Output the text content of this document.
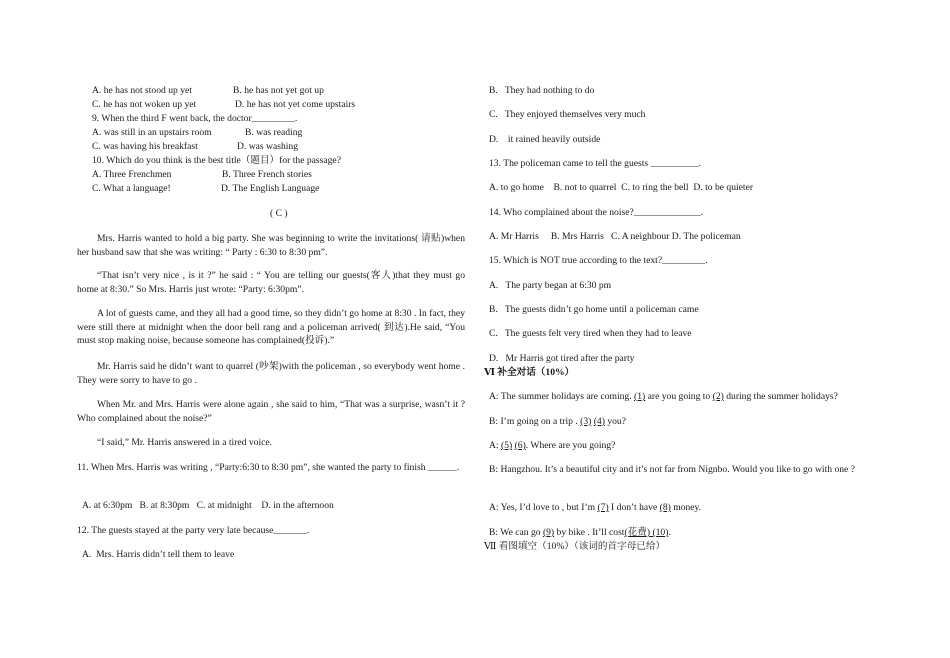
A. he has not stood up yet	B. he has not yet got up
C. he has not woken up yet	D. he has not yet come upstairs
9. When the third F went back, the doctor_________.
A. was still in an upstairs room	B. was reading
C. was having his breakfast	D. was washing
10. Which do you think is the best title（题目）for the passage?
A. Three Frenchmen	B. Three French stories
C. What a language!	D. The English Language
( C )
Mrs. Harris wanted to hold a big party. She was beginning to write the invitations( 请贴)when her husband saw that she was writing: “ Party : 6:30 to 8:30 pm”.
“That isn’t very nice , is it ?” he said : “ You are telling our guests(客人)that they must go home at 8:30.” So Mrs. Harris just wrote: “Party: 6:30pm”.
A lot of guests came, and they all had a good time, so they didn’t go home at 8:30 . In fact, they were still there at midnight when the door bell rang and a policeman arrived( 到达).He said, “You must stop making noise, because someone has complained(投诉).”
Mr. Harris said he didn’t want to quarrel (吵架)with the policeman , so everybody went home . They were sorry to have to go .
When Mr. and Mrs. Harris were alone again , she said to him, “That was a surprise, wasn’t it ? Who complained about the noise?”
“I said,” Mr. Harris answered in a tired voice.
11. When Mrs. Harris was writing , “Party:6:30 to 8:30 pm”, she wanted the party to finish ______.
A. at 6:30pm   B. at 8:30pm   C. at midnight    D. in the afternoon
12. The guests stayed at the party very late because_______.
A.  Mrs. Harris didn’t tell them to leave
B.   They had nothing to do
C.   They enjoyed themselves very much
D.    it rained heavily outside
13. The policeman came to tell the guests __________.
A. to go home    B. not to quarrel  C. to ring the bell  D. to be quieter
14. Who complained about the noise?______________.
A. Mr Harris     B. Mrs Harris   C. A neighbour D. The policeman
15. Which is NOT true according to the text?_________.
A.   The party began at 6:30 pm
B.   The guests didn’t go home until a policeman came
C.   The guests felt very tired when they had to leave
D.   Mr Harris got tired after the party
Ⅵ 补全对话（10%）
A: The summer holidays are coming. (1) are you going to (2) during the summer holidays?
B: I’m going on a trip . (3) (4) you?
A: (5) (6). Where are you going?
B: Hangzhou. It’s a beautiful city and it’s not far from Nignbo. Would you like to go with one ?
A: Yes, I’d love to , but I’m (7) I don’t have (8) money.
B: We can go (9) by bike . It’ll cost(花费) (10).
Ⅶ 看图填空（10%）（该词的首字母已给）
